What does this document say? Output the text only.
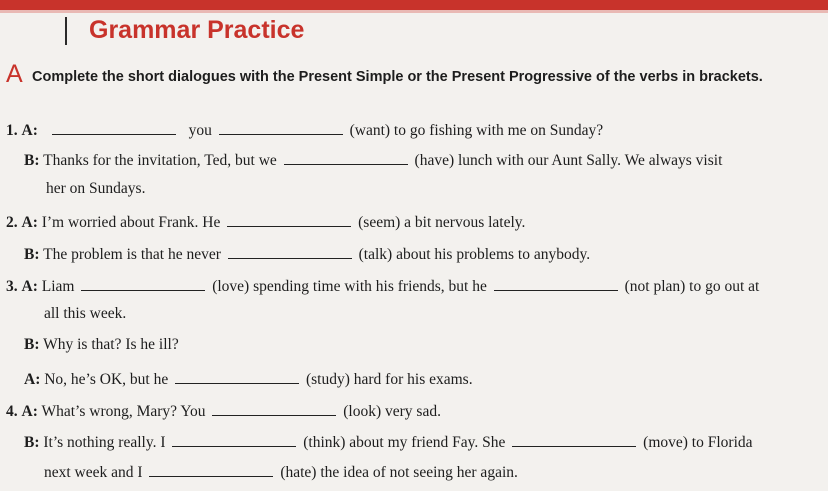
Grammar Practice
A Complete the short dialogues with the Present Simple or the Present Progressive of the verbs in brackets.
1. A:	you	(want) to go fishing with me on Sunday?
B: Thanks for the invitation, Ted, but we	(have) lunch with our Aunt Sally. We always visit
her on Sundays.
2. A: I’m worried about Frank. He	(seem) a bit nervous lately.
B: The problem is that he never	(talk) about his problems to anybody.
3. A: Liam	(love) spending time with his friends, but he	(not plan) to go out at
all this week.
B: Why is that? Is he ill?
A: No, he’s OK, but he	(study) hard for his exams.
4. A: What’s wrong, Mary? You	(look) very sad.
B: It’s nothing really. I	(think) about my friend Fay. She	(move) to Florida
next week and I	(hate) the idea of not seeing her again.
